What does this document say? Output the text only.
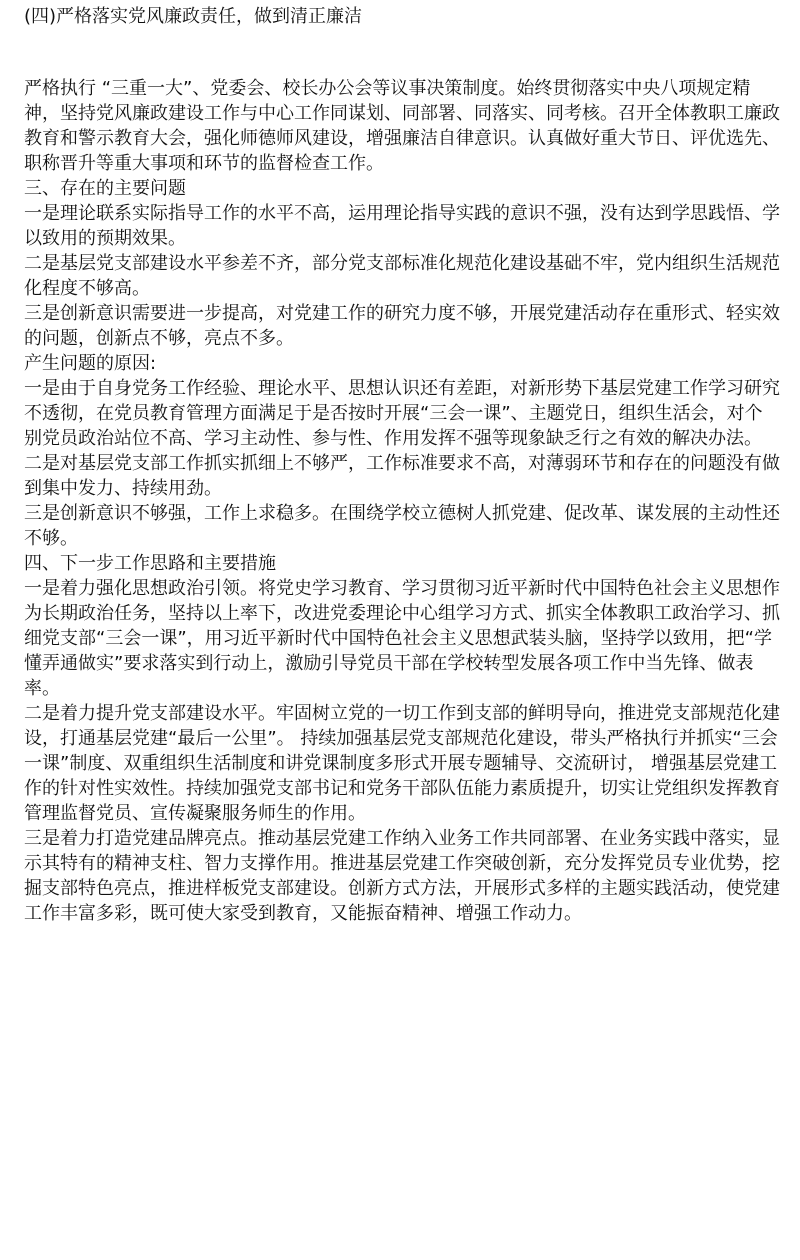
(四)严格落实党风廉政责任，做到清正廉洁

严格执行 “三重一大”、党委会、校长办公会等议事决策制度。始终贯彻落实中央八项规定精神，坚持党风廉政建设工作与中心工作同谋划、同部署、同落实、同考核。召开全体教职工廉政教育和警示教育大会，强化师德师风建设，增强廉洁自律意识。认真做好重大节日、评优选先、职称晋升等重大事项和环节的监督检查工作。

三、存在的主要问题

一是理论联系实际指导工作的水平不高，运用理论指导实践的意识不强，没有达到学思践悟、学以致用的预期效果。

二是基层党支部建设水平参差不齐，部分党支部标准化规范化建设基础不牢，党内组织生活规范化程度不够高。

三是创新意识需要进一步提高，对党建工作的研究力度不够，开展党建活动存在重形式、轻实效的问题，创新点不够，亮点不多。

产生问题的原因:

一是由于自身党务工作经验、理论水平、思想认识还有差距，对新形势下基层党建工作学习研究不透彻，在党员教育管理方面满足于是否按时开展“三会一课”、主题党日，组织生活会，对个别党员政治站位不高、学习主动性、参与性、作用发挥不强等现象缺乏行之有效的解决办法。

二是对基层党支部工作抓实抓细上不够严，工作标准要求不高，对薄弱环节和存在的问题没有做到集中发力、持续用劲。

三是创新意识不够强，工作上求稳多。在围绕学校立德树人抓党建、促改革、谋发展的主动性还不够。

四、下一步工作思路和主要措施

一是着力强化思想政治引领。将党史学习教育、学习贯彻习近平新时代中国特色社会主义思想作为长期政治任务，坚持以上率下，改进党委理论中心组学习方式、抓实全体教职工政治学习、抓细党支部“三会一课”，用习近平新时代中国特色社会主义思想武装头脑，坚持学以致用，把“学懂弄通做实”要求落实到行动上，激励引导党员干部在学校转型发展各项工作中当先锋、做表率。

二是着力提升党支部建设水平。牢固树立党的一切工作到支部的鲜明导向，推进党支部规范化建设，打通基层党建“最后一公里”。 持续加强基层党支部规范化建设，带头严格执行并抓实“三会一课”制度、双重组织生活制度和讲党课制度多形式开展专题辅导、交流研讨， 增强基层党建工作的针对性实效性。持续加强党支部书记和党务干部队伍能力素质提升，切实让党组织发挥教育管理监督党员、宣传凝聚服务师生的作用。

三是着力打造党建品牌亮点。推动基层党建工作纳入业务工作共同部署、在业务实践中落实，显示其特有的精神支柱、智力支撑作用。推进基层党建工作突破创新，充分发挥党员专业优势，挖掘支部特色亮点，推进样板党支部建设。创新方式方法，开展形式多样的主题实践活动，使党建工作丰富多彩，既可使大家受到教育，又能振奋精神、增强工作动力。
